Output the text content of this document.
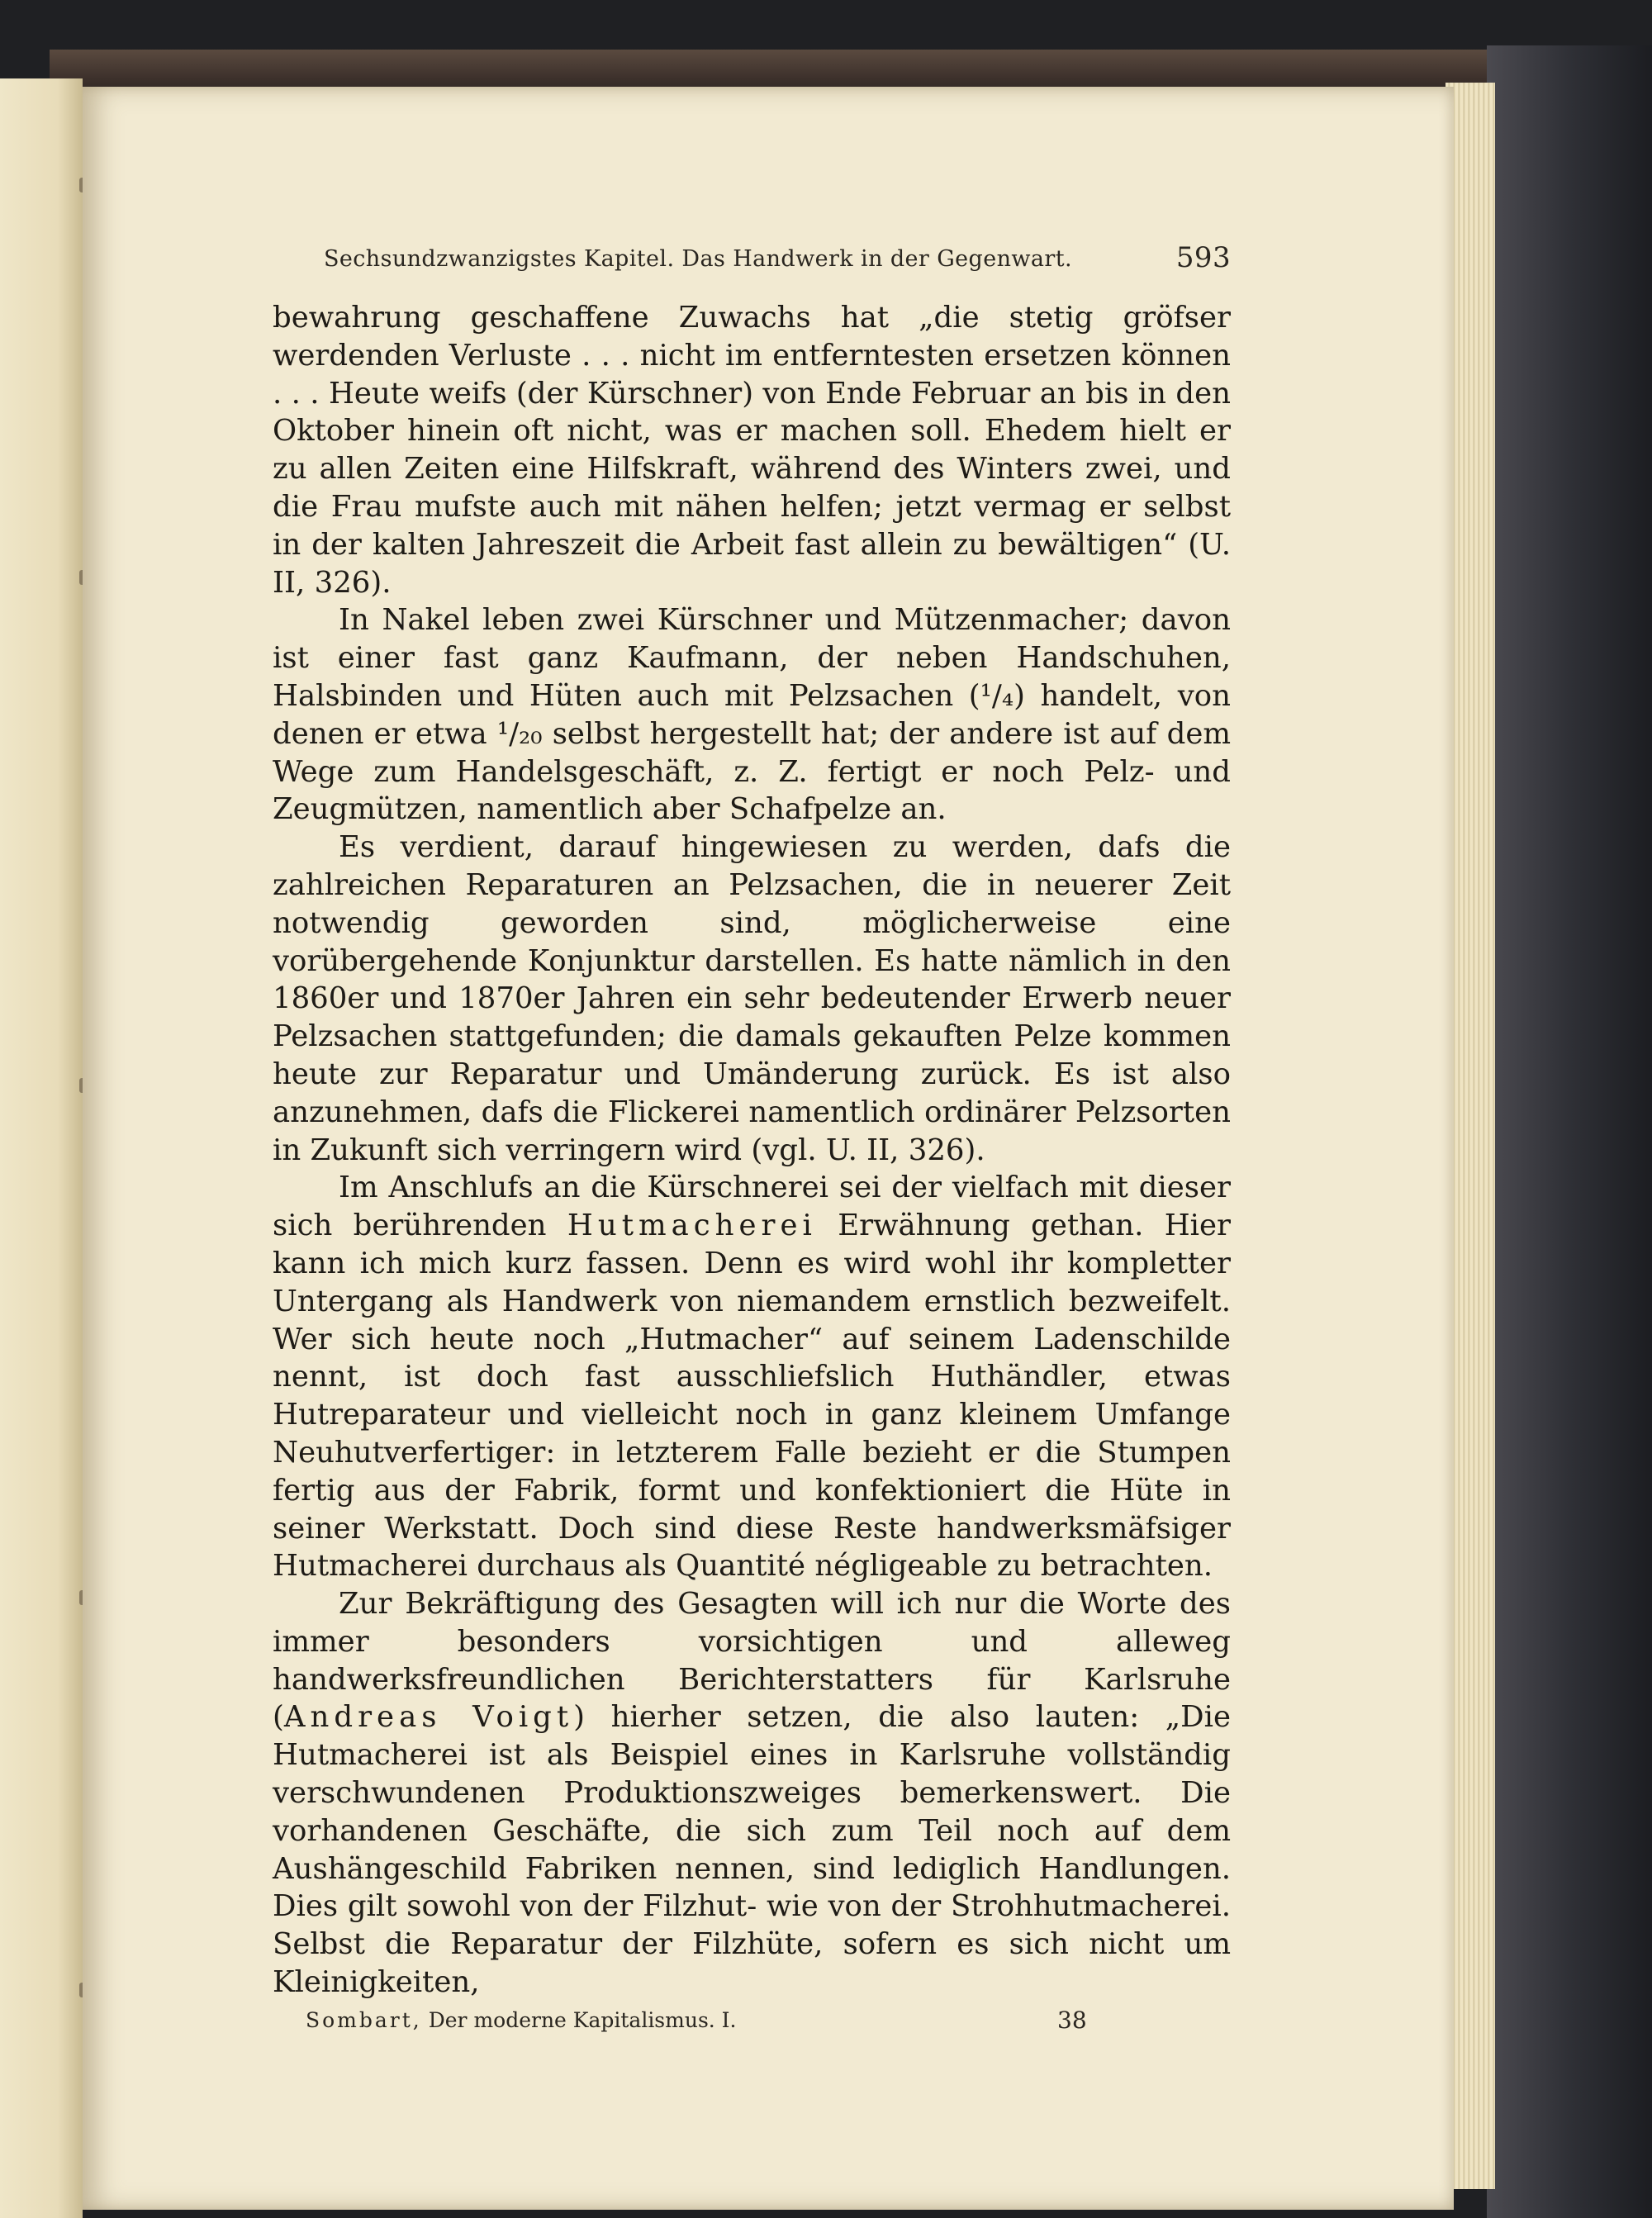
Sechsundzwanzigstes Kapitel. Das Handwerk in der Gegenwart.	593

bewahrung geschaffene Zuwachs hat „die stetig gröfser werdenden Verluste . . . nicht im entferntesten ersetzen können . . . Heute weifs (der Kürschner) von Ende Februar an bis in den Oktober hinein oft nicht, was er machen soll. Ehedem hielt er zu allen Zeiten eine Hilfskraft, während des Winters zwei, und die Frau mufste auch mit nähen helfen; jetzt vermag er selbst in der kalten Jahreszeit die Arbeit fast allein zu bewältigen“ (U. II, 326).

In Nakel leben zwei Kürschner und Mützenmacher; davon ist einer fast ganz Kaufmann, der neben Handschuhen, Halsbinden und Hüten auch mit Pelzsachen (¹/₄) handelt, von denen er etwa ¹/₂₀ selbst hergestellt hat; der andere ist auf dem Wege zum Handelsgeschäft, z. Z. fertigt er noch Pelz- und Zeugmützen, namentlich aber Schafpelze an.

Es verdient, darauf hingewiesen zu werden, dafs die zahlreichen Reparaturen an Pelzsachen, die in neuerer Zeit notwendig geworden sind, möglicherweise eine vorübergehende Konjunktur darstellen. Es hatte nämlich in den 1860er und 1870er Jahren ein sehr bedeutender Erwerb neuer Pelzsachen stattgefunden; die damals gekauften Pelze kommen heute zur Reparatur und Umänderung zurück. Es ist also anzunehmen, dafs die Flickerei namentlich ordinärer Pelzsorten in Zukunft sich verringern wird (vgl. U. II, 326).

Im Anschlufs an die Kürschnerei sei der vielfach mit dieser sich berührenden Hutmacherei Erwähnung gethan. Hier kann ich mich kurz fassen. Denn es wird wohl ihr kompletter Untergang als Handwerk von niemandem ernstlich bezweifelt. Wer sich heute noch „Hutmacher“ auf seinem Ladenschilde nennt, ist doch fast ausschliefslich Huthändler, etwas Hutreparateur und vielleicht noch in ganz kleinem Umfange Neuhutverfertiger: in letzterem Falle bezieht er die Stumpen fertig aus der Fabrik, formt und konfektioniert die Hüte in seiner Werkstatt. Doch sind diese Reste handwerksmäfsiger Hutmacherei durchaus als Quantité négligeable zu betrachten.

Zur Bekräftigung des Gesagten will ich nur die Worte des immer besonders vorsichtigen und alleweg handwerksfreundlichen Berichterstatters für Karlsruhe (Andreas Voigt) hierher setzen, die also lauten: „Die Hutmacherei ist als Beispiel eines in Karlsruhe vollständig verschwundenen Produktionszweiges bemerkenswert. Die vorhandenen Geschäfte, die sich zum Teil noch auf dem Aushängeschild Fabriken nennen, sind lediglich Handlungen. Dies gilt sowohl von der Filzhut- wie von der Strohhutmacherei. Selbst die Reparatur der Filzhüte, sofern es sich nicht um Kleinigkeiten,

Sombart, Der moderne Kapitalismus. I.	38
